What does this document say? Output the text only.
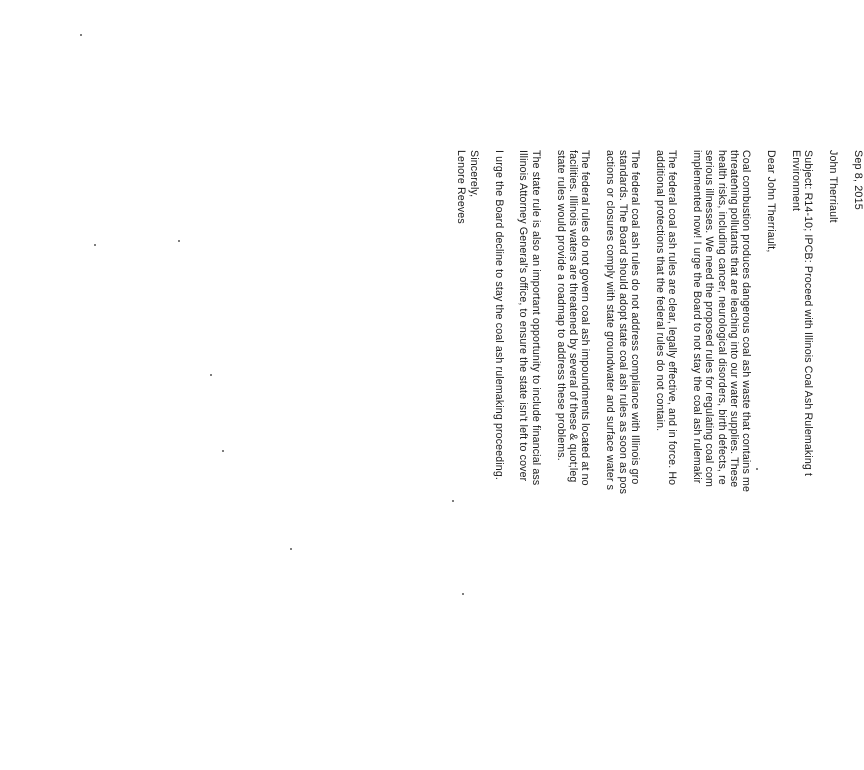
Sep 8, 2015
John Therriault
Subject: R14-10; IPCB: Proceed with Illinois Coal Ash Rulemaking t
Environment
Dear John Therriault,
Coal combustion produces dangerous coal ash waste that contains me
threatening pollutants that are leaching into our water supplies. These
health risks, including cancer, neurological disorders, birth defects, re
serious illnesses. We need the proposed rules for regulating coal com
implemented now! I urge the Board to not stay the coal ash rulemakir
The federal coal ash rules are clear, legally effective, and in force. Ho
additional protections that the federal rules do not contain.
The federal coal ash rules do not address compliance with Illinois gro
standards. The Board should adopt state coal ash rules as soon as pos
actions or closures comply with state groundwater and surface water s
The federal rules do not govern coal ash impoundments located at no
facilities. Illinois waters are threatened by several of these & quot;leg
state rules would provide a roadmap to address these problems.
The state rule is also an important opportunity to include financial ass
Illinois Attorney General's office, to ensure the state isn't left to cover
I urge the Board decline to stay the coal ash rulemaking proceeding.
Sincerely,
Lenore Reeves
